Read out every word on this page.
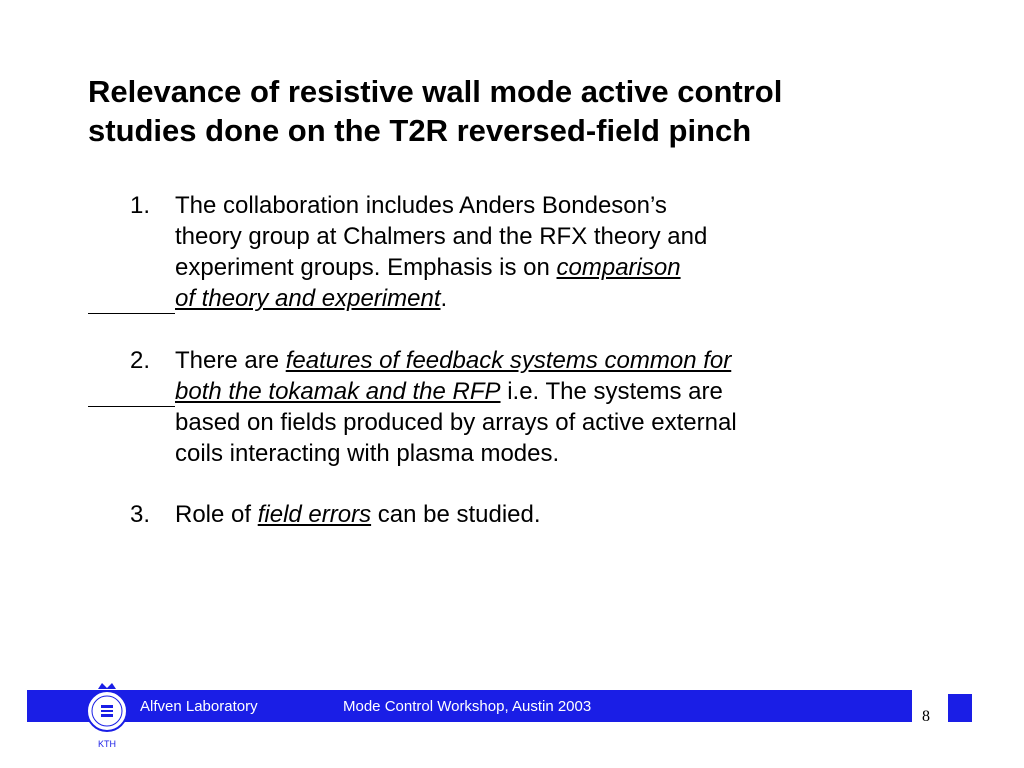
Relevance of resistive wall mode active control
studies done on the T2R reversed-field pinch
1. The collaboration includes Anders Bondeson’s
theory group at Chalmers and the RFX theory and
experiment groups. Emphasis is on comparison
of theory and experiment.
2. There are features of feedback systems common for
both the tokamak and the RFP i.e. The systems are
based on fields produced by arrays of active external
coils interacting with plasma modes.
3. Role of field errors can be studied.
KTH
Alfven Laboratory	Mode Control Workshop, Austin 2003
8
